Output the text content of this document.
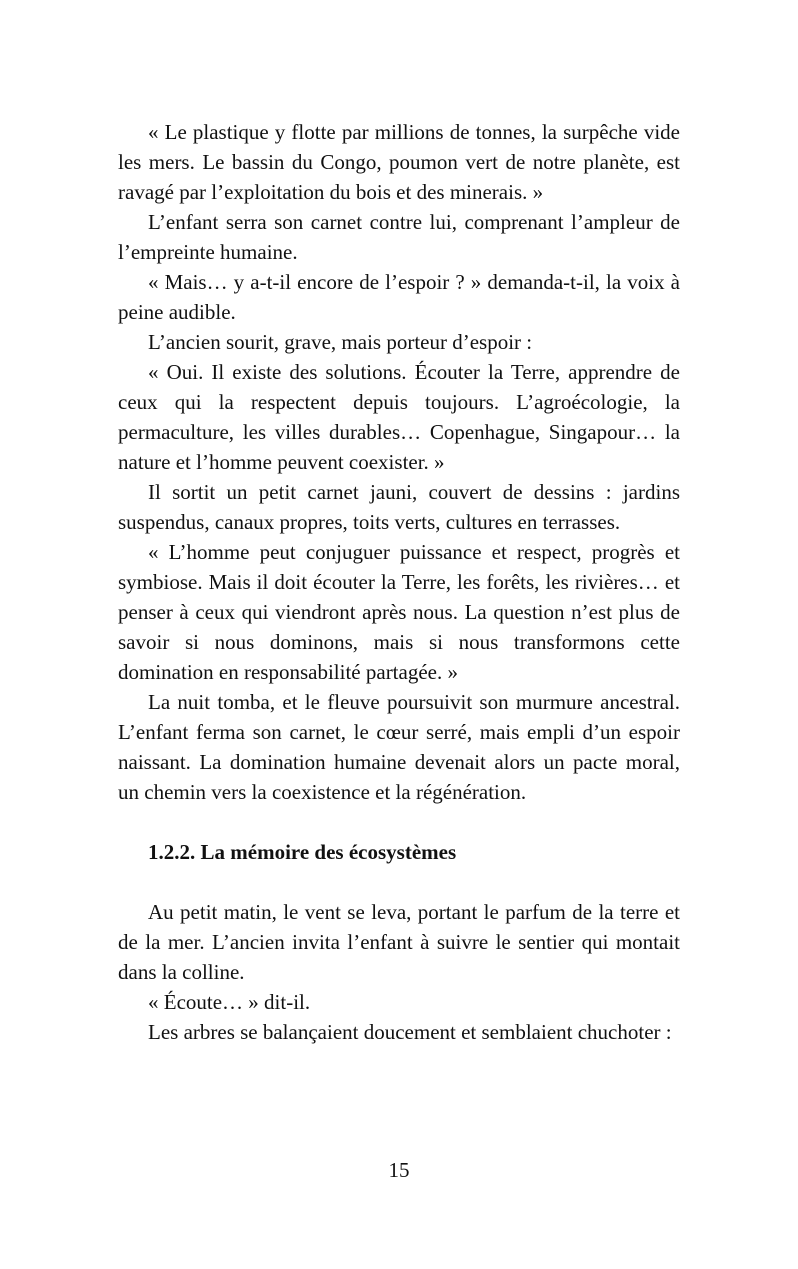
« Le plastique y flotte par millions de tonnes, la surpêche vide les mers. Le bassin du Congo, poumon vert de notre planète, est ravagé par l’exploitation du bois et des minerais. »

L’enfant serra son carnet contre lui, comprenant l’ampleur de l’empreinte humaine.

« Mais… y a-t-il encore de l’espoir ? » demanda-t-il, la voix à peine audible.

L’ancien sourit, grave, mais porteur d’espoir :

« Oui. Il existe des solutions. Écouter la Terre, apprendre de ceux qui la respectent depuis toujours. L’agroécologie, la permaculture, les villes durables… Copenhague, Singapour… la nature et l’homme peuvent coexister. »

Il sortit un petit carnet jauni, couvert de dessins : jardins suspendus, canaux propres, toits verts, cultures en terrasses.

« L’homme peut conjuguer puissance et respect, progrès et symbiose. Mais il doit écouter la Terre, les forêts, les rivières… et penser à ceux qui viendront après nous. La question n’est plus de savoir si nous dominons, mais si nous transformons cette domination en responsabilité partagée. »

La nuit tomba, et le fleuve poursuivit son murmure ancestral. L’enfant ferma son carnet, le cœur serré, mais empli d’un espoir naissant. La domination humaine devenait alors un pacte moral, un chemin vers la coexistence et la régénération.

1.2.2. La mémoire des écosystèmes

Au petit matin, le vent se leva, portant le parfum de la terre et de la mer. L’ancien invita l’enfant à suivre le sentier qui montait dans la colline.

« Écoute… » dit-il.

Les arbres se balançaient doucement et semblaient chuchoter :

15
